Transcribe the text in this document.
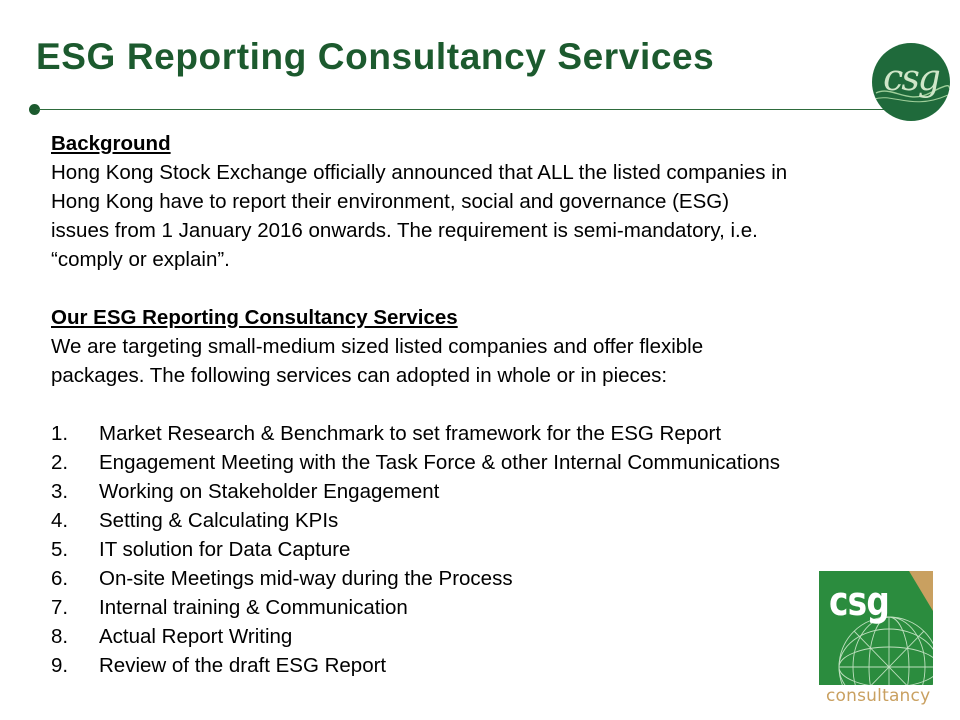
ESG Reporting Consultancy Services
csg

Background

Hong Kong Stock Exchange officially announced that ALL the listed companies in

Hong Kong have to report their environment, social and governance (ESG)

issues from 1 January 2016 onwards. The requirement is semi-mandatory, i.e.

“comply or explain”.

Our ESG Reporting Consultancy Services

We are targeting small-medium sized listed companies and offer flexible

packages. The following services can adopted in whole or in pieces:

1.	Market Research & Benchmark to set framework for the ESG Report
2.	Engagement Meeting with the Task Force & other Internal Communications
3.	Working on Stakeholder Engagement
4.	Setting & Calculating KPIs
5.	IT solution for Data Capture
6.	On-site Meetings mid-way during the Process
7.	Internal training & Communication
8.	Actual Report Writing
9.	Review of the draft ESG Report
csg
consultancy
